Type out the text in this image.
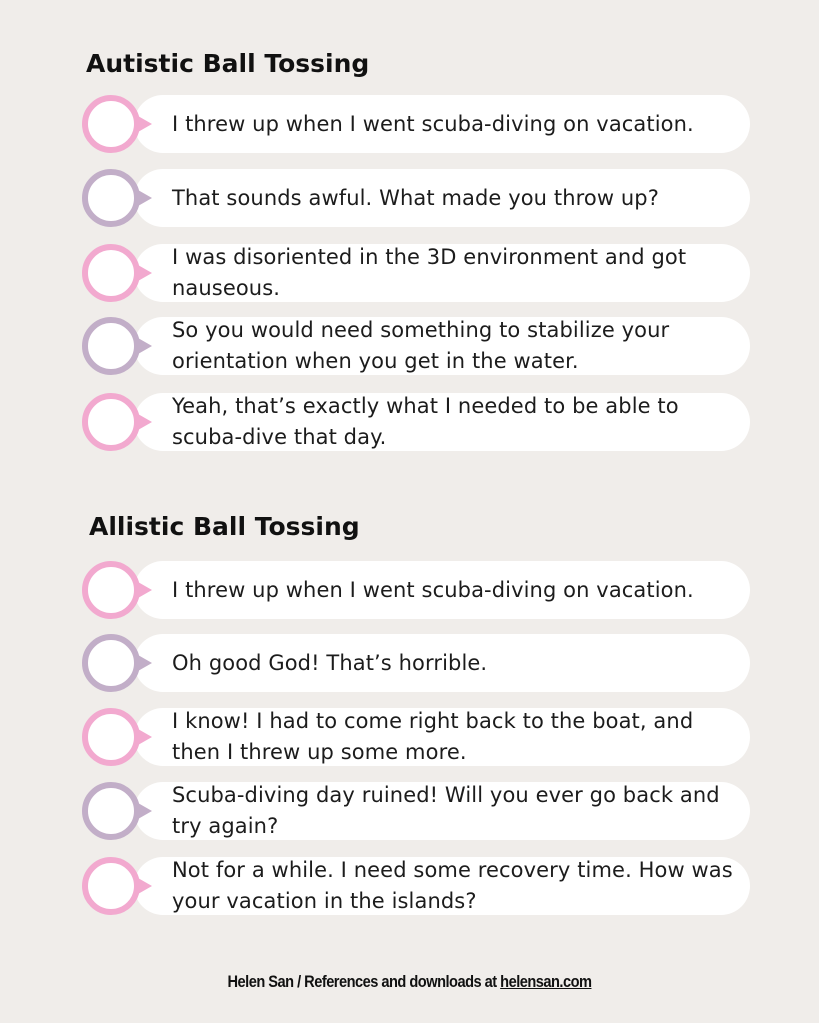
Autistic Ball Tossing
I threw up when I went scuba-diving on vacation.
That sounds awful. What made you throw up?
I was disoriented in the 3D environment and got nauseous.
So you would need something to stabilize your orientation when you get in the water.
Yeah, that’s exactly what I needed to be able to scuba-dive that day.
Allistic Ball Tossing
I threw up when I went scuba-diving on vacation.
Oh good God! That’s horrible.
I know! I had to come right back to the boat, and then I threw up some more.
Scuba-diving day ruined! Will you ever go back and try again?
Not for a while. I need some recovery time. How was your vacation in the islands?
Helen San / References and downloads at helensan.com
